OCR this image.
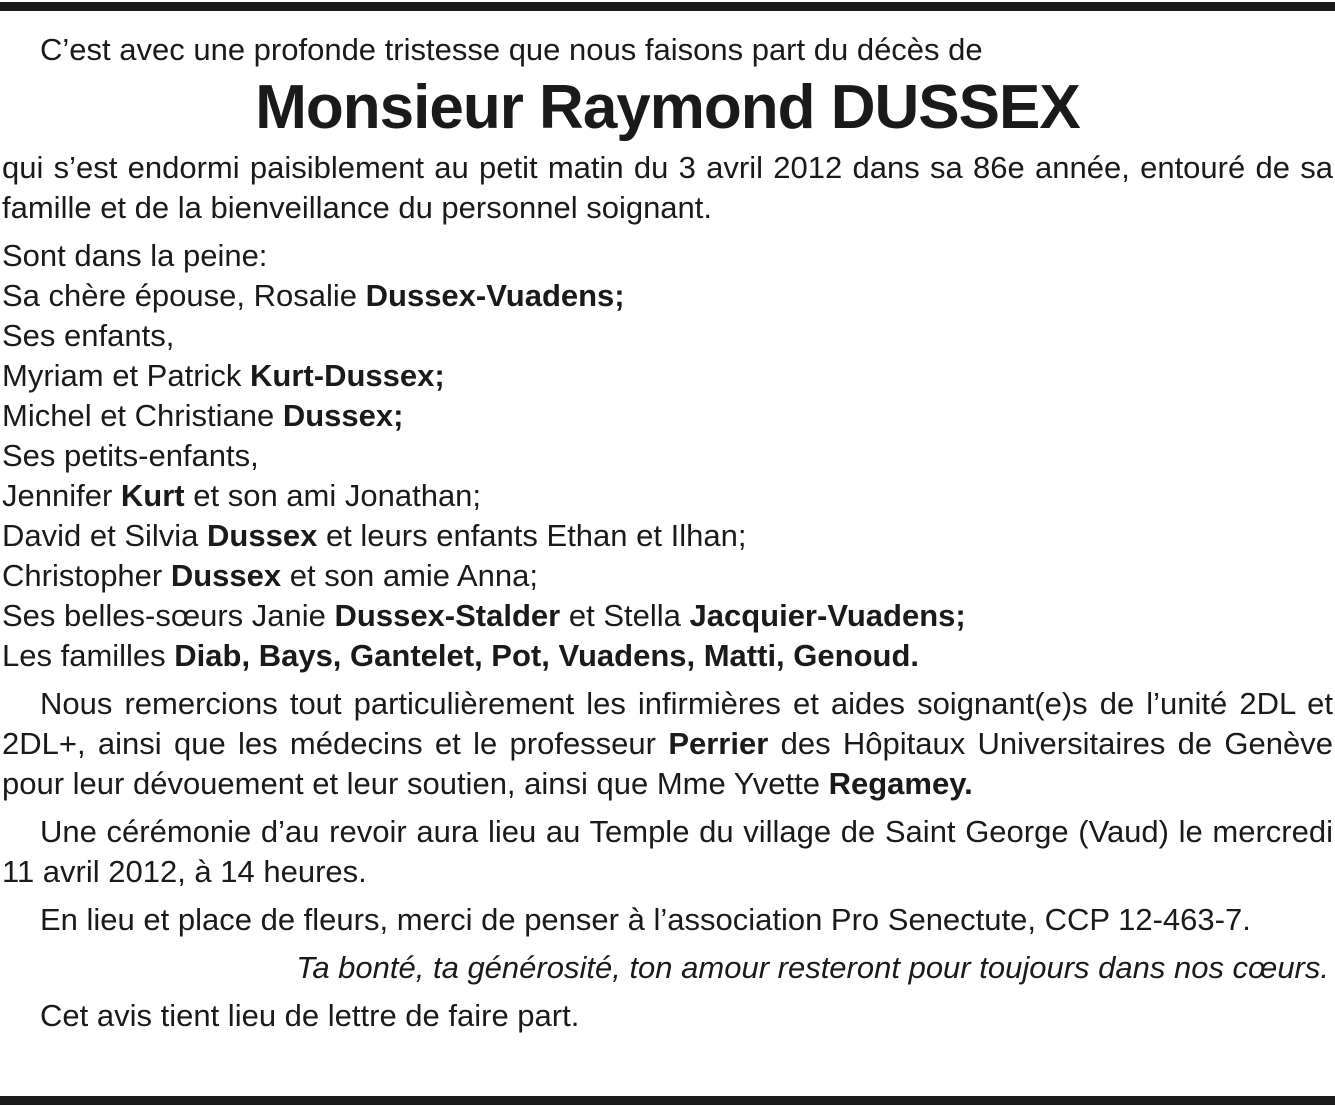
C’est avec une profonde tristesse que nous faisons part du décès de

Monsieur Raymond DUSSEX

qui s’est endormi paisiblement au petit matin du 3 avril 2012 dans sa 86e année, entouré de sa famille et de la bienveillance du personnel soignant.

Sont dans la peine:

Sa chère épouse, Rosalie Dussex-Vuadens;

Ses enfants,

Myriam et Patrick Kurt-Dussex;

Michel et Christiane Dussex;

Ses petits-enfants,

Jennifer Kurt et son ami Jonathan;

David et Silvia Dussex et leurs enfants Ethan et Ilhan;

Christopher Dussex et son amie Anna;

Ses belles-sœurs Janie Dussex-Stalder et Stella Jacquier-Vuadens;

Les familles Diab, Bays, Gantelet, Pot, Vuadens, Matti, Genoud.

Nous remercions tout particulièrement les infirmières et aides soignant(e)s de l’unité 2DL et 2DL+, ainsi que les médecins et le professeur Perrier des Hôpitaux Universitaires de Genève pour leur dévouement et leur soutien, ainsi que Mme Yvette Regamey.

Une cérémonie d’au revoir aura lieu au Temple du village de Saint George (Vaud) le mercredi 11 avril 2012, à 14 heures.

En lieu et place de fleurs, merci de penser à l’association Pro Senectute, CCP 12-463-7.

Ta bonté, ta générosité, ton amour resteront pour toujours dans nos cœurs.

Cet avis tient lieu de lettre de faire part.
